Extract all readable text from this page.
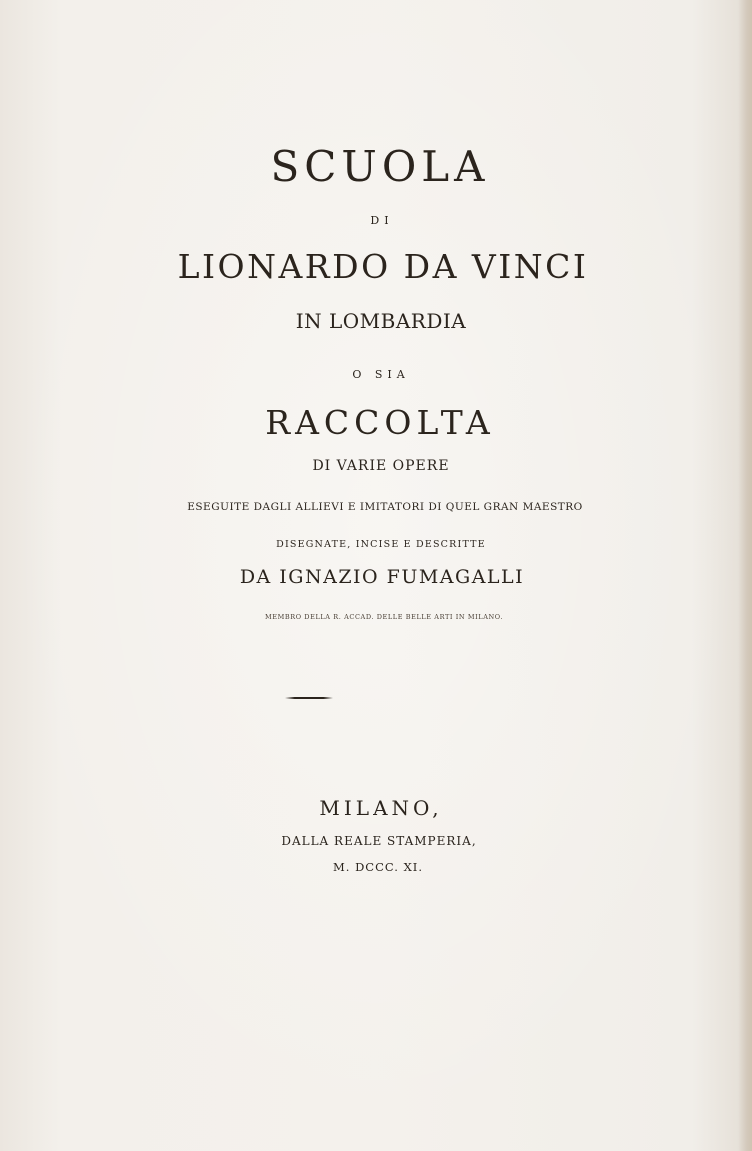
SCUOLA
DI
LIONARDO DA VINCI
IN LOMBARDIA
O SIA
RACCOLTA
DI VARIE OPERE
ESEGUITE DAGLI ALLIEVI E IMITATORI DI QUEL GRAN MAESTRO
DISEGNATE, INCISE E DESCRITTE
DA IGNAZIO FUMAGALLI
MEMBRO DELLA R. ACCAD. DELLE BELLE ARTI IN MILANO.
MILANO,
DALLA REALE STAMPERIA,
M. DCCC. XI.
